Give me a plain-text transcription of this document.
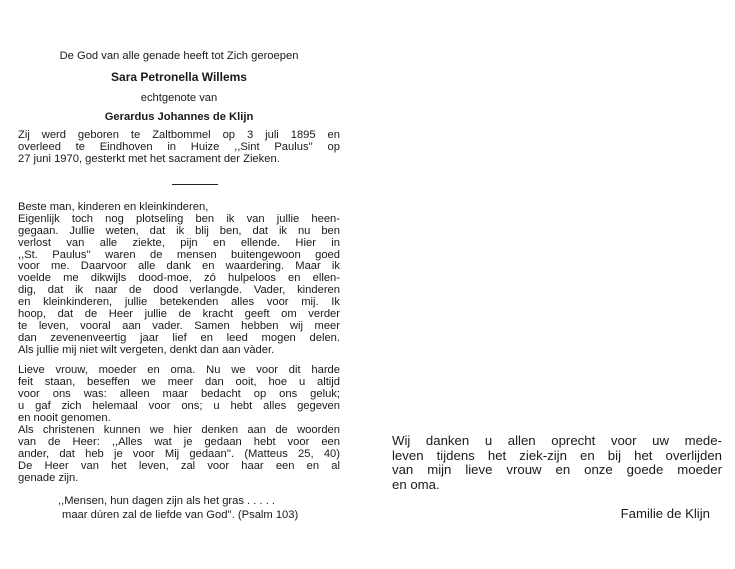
De God van alle genade heeft tot Zich geroepen
Sara Petronella Willems
echtgenote van
Gerardus Johannes de Klijn
Zij werd geboren te Zaltbommel op 3 juli 1895 en
overleed te Eindhoven in Huize ,,Sint Paulus'' op
27 juni 1970, gesterkt met het sacrament der Zieken.
Beste man, kinderen en kleinkinderen,
Eigenlijk toch nog plotseling ben ik van jullie heen-
gegaan. Jullie weten, dat ik blij ben, dat ik nu ben
verlost van alle ziekte, pijn en ellende. Hier in
,,St. Paulus'' waren de mensen buitengewoon goed
voor me. Daarvoor alle dank en waardering. Maar ik
voelde me dikwijls dood-moe, zó hulpeloos en ellen-
dig, dat ik naar de dood verlangde. Vader, kinderen
en kleinkinderen, jullie betekenden alles voor mij. Ik
hoop, dat de Heer jullie de kracht geeft om verder
te leven, vooral aan vader. Samen hebben wij meer
dan zevenenveertig jaar lief en leed mogen delen.
Als jullie mij niet wilt vergeten, denkt dan aan vàder.
Lieve vrouw, moeder en oma. Nu we voor dit harde
feit staan, beseffen we meer dan ooit, hoe u altijd
voor ons was: alleen maar bedacht op ons geluk;
u gaf zich helemaal voor ons; u hebt alles gegeven
en nooit genomen.
Als christenen kunnen we hier denken aan de woorden
van de Heer: ,,Alles wat je gedaan hebt voor een
ander, dat heb je voor Mij gedaan''. (Matteus 25, 40)
De Heer van het leven, zal voor haar een en al
genade zijn.
,,Mensen, hun dagen zijn als het gras . . . . .
maar dúren zal de liefde van God''. (Psalm 103)
Wij danken u allen oprecht voor uw mede-
leven tijdens het ziek-zijn en bij het overlijden
van mijn lieve vrouw en onze goede moeder
en oma.
Familie de Klijn
